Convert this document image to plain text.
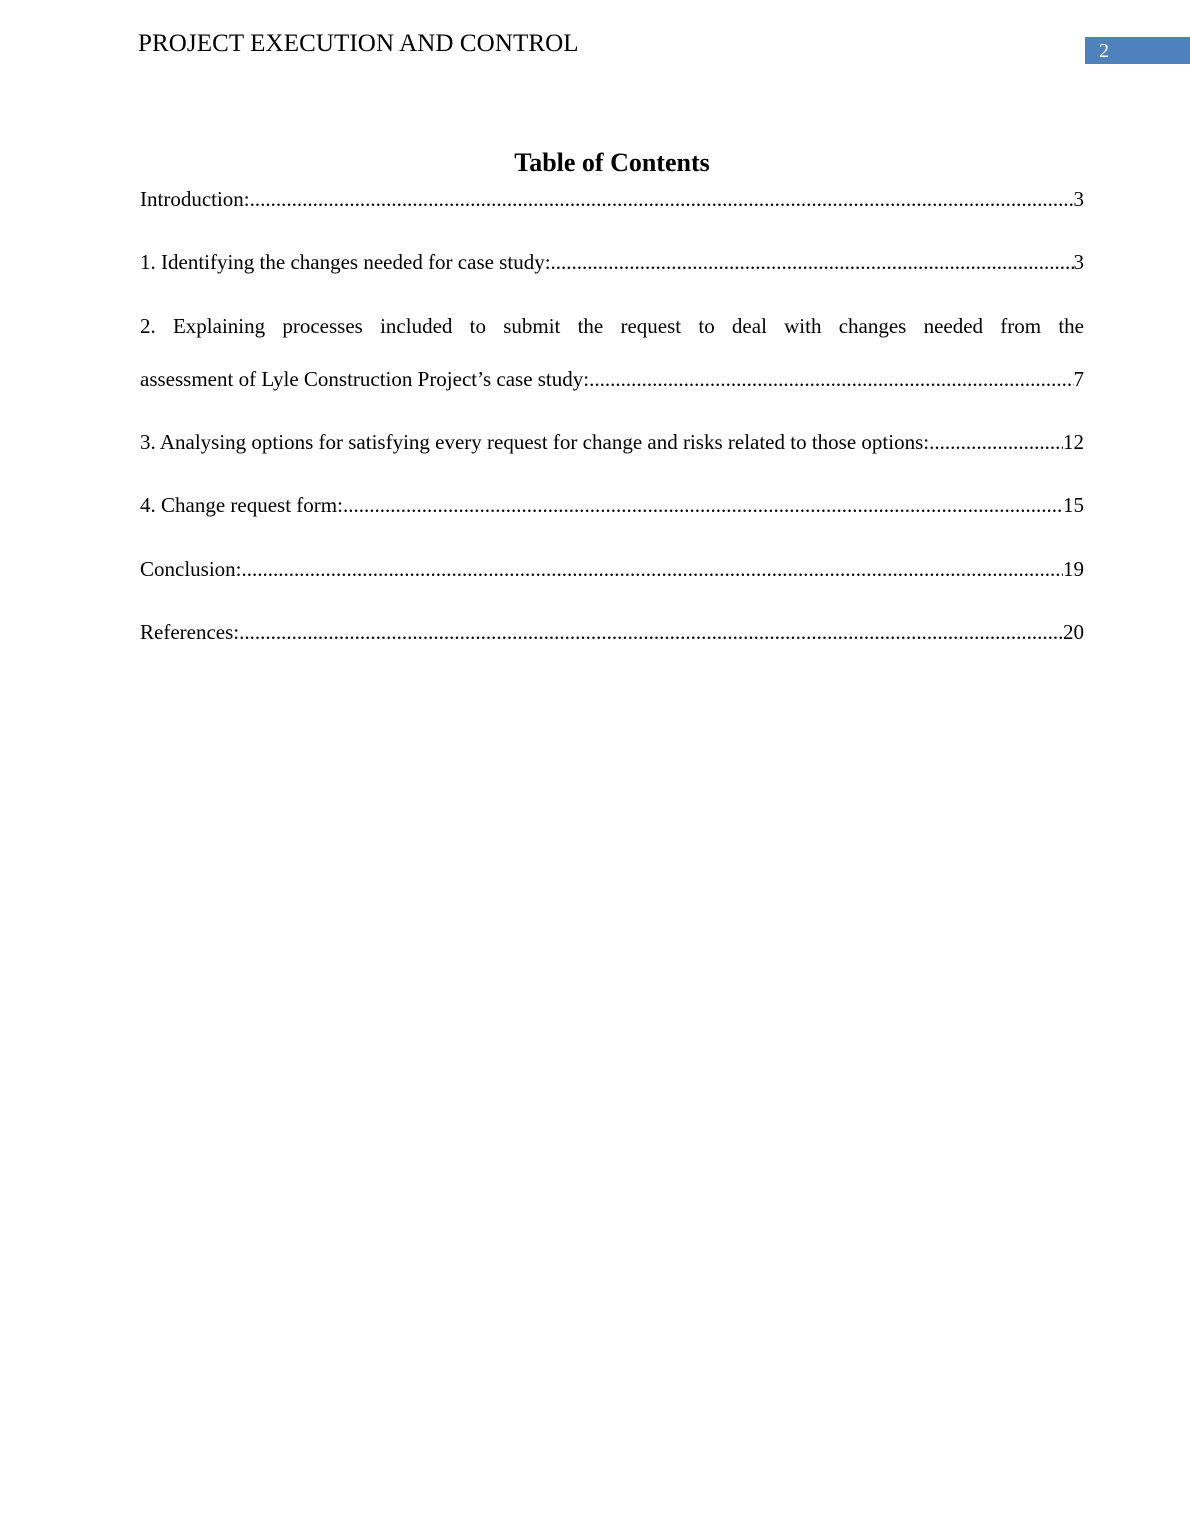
PROJECT EXECUTION AND CONTROL	2
Table of Contents
Introduction: .....	3
1. Identifying the changes needed for case study: .....	3
2. Explaining processes included to submit the request to deal with changes needed from the
assessment of Lyle Construction Project’s case study: .....	7
3. Analysing options for satisfying every request for change and risks related to those options: .....	12
4. Change request form: .....	15
Conclusion: .....	19
References: .....	20
